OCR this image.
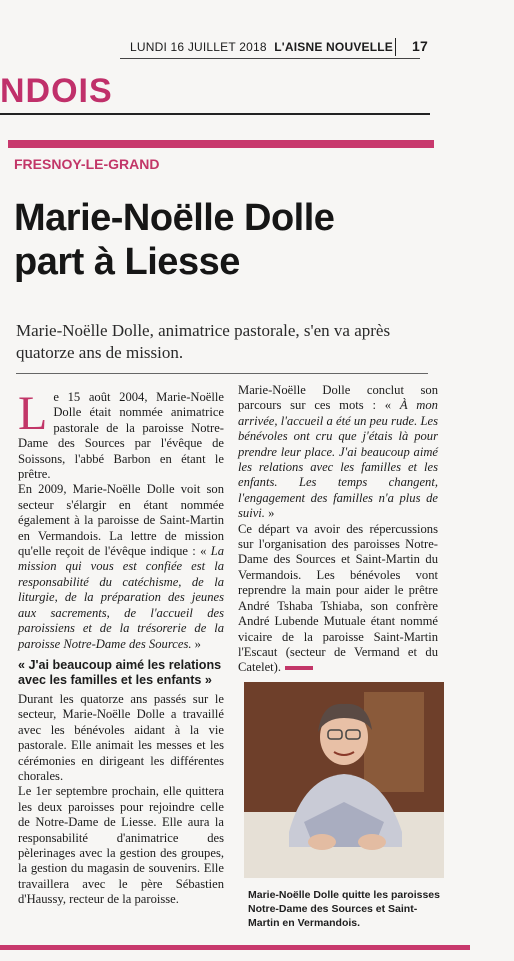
LUNDI 16 JUILLET 2018 L'AISNE NOUVELLE 17
NDOIS
FRESNOY-LE-GRAND
Marie-Noëlle Dolle
part à Liesse
Marie-Noëlle Dolle, animatrice pastorale, s'en va après quatorze ans de mission.

Le 15 août 2004, Marie-Noëlle Dolle était nommée animatrice pastorale de la paroisse Notre-Dame des Sources par l'évêque de Soissons, l'abbé Barbon en étant le prêtre.

En 2009, Marie-Noëlle Dolle voit son secteur s'élargir en étant nommée également à la paroisse de Saint-Martin en Vermandois. La lettre de mission qu'elle reçoit de l'évêque indique : « La mission qui vous est confiée est la responsabilité du catéchisme, de la liturgie, de la préparation des jeunes aux sacrements, de l'accueil des paroissiens et de la trésorerie de la paroisse Notre-Dame des Sources. »

« J'ai beaucoup aimé les relations avec les familles et les enfants »

Durant les quatorze ans passés sur le secteur, Marie-Noëlle Dolle a travaillé avec les bénévoles aidant à la vie pastorale. Elle animait les messes et les cérémonies en dirigeant les différentes chorales.

Le 1er septembre prochain, elle quittera les deux paroisses pour rejoindre celle de Notre-Dame de Liesse. Elle aura la responsabilité d'animatrice des pèlerinages avec la gestion des groupes, la gestion du magasin de souvenirs. Elle travaillera avec le père Sébastien d'Haussy, recteur de la paroisse.

Marie-Noëlle Dolle conclut son parcours sur ces mots : « À mon arrivée, l'accueil a été un peu rude. Les bénévoles ont cru que j'étais là pour prendre leur place. J'ai beaucoup aimé les relations avec les familles et les enfants. Les temps changent, l'engagement des familles n'a plus de suivi. »

Ce départ va avoir des répercussions sur l'organisation des paroisses Notre-Dame des Sources et Saint-Martin du Vermandois. Les bénévoles vont reprendre la main pour aider le prêtre André Tshaba Tshiaba, son confrère André Lubende Mutuale étant nommé vicaire de la paroisse Saint-Martin l'Escaut (secteur de Vermand et du Catelet).

Marie-Noëlle Dolle quitte les paroisses Notre-Dame des Sources et Saint-Martin en Vermandois.
